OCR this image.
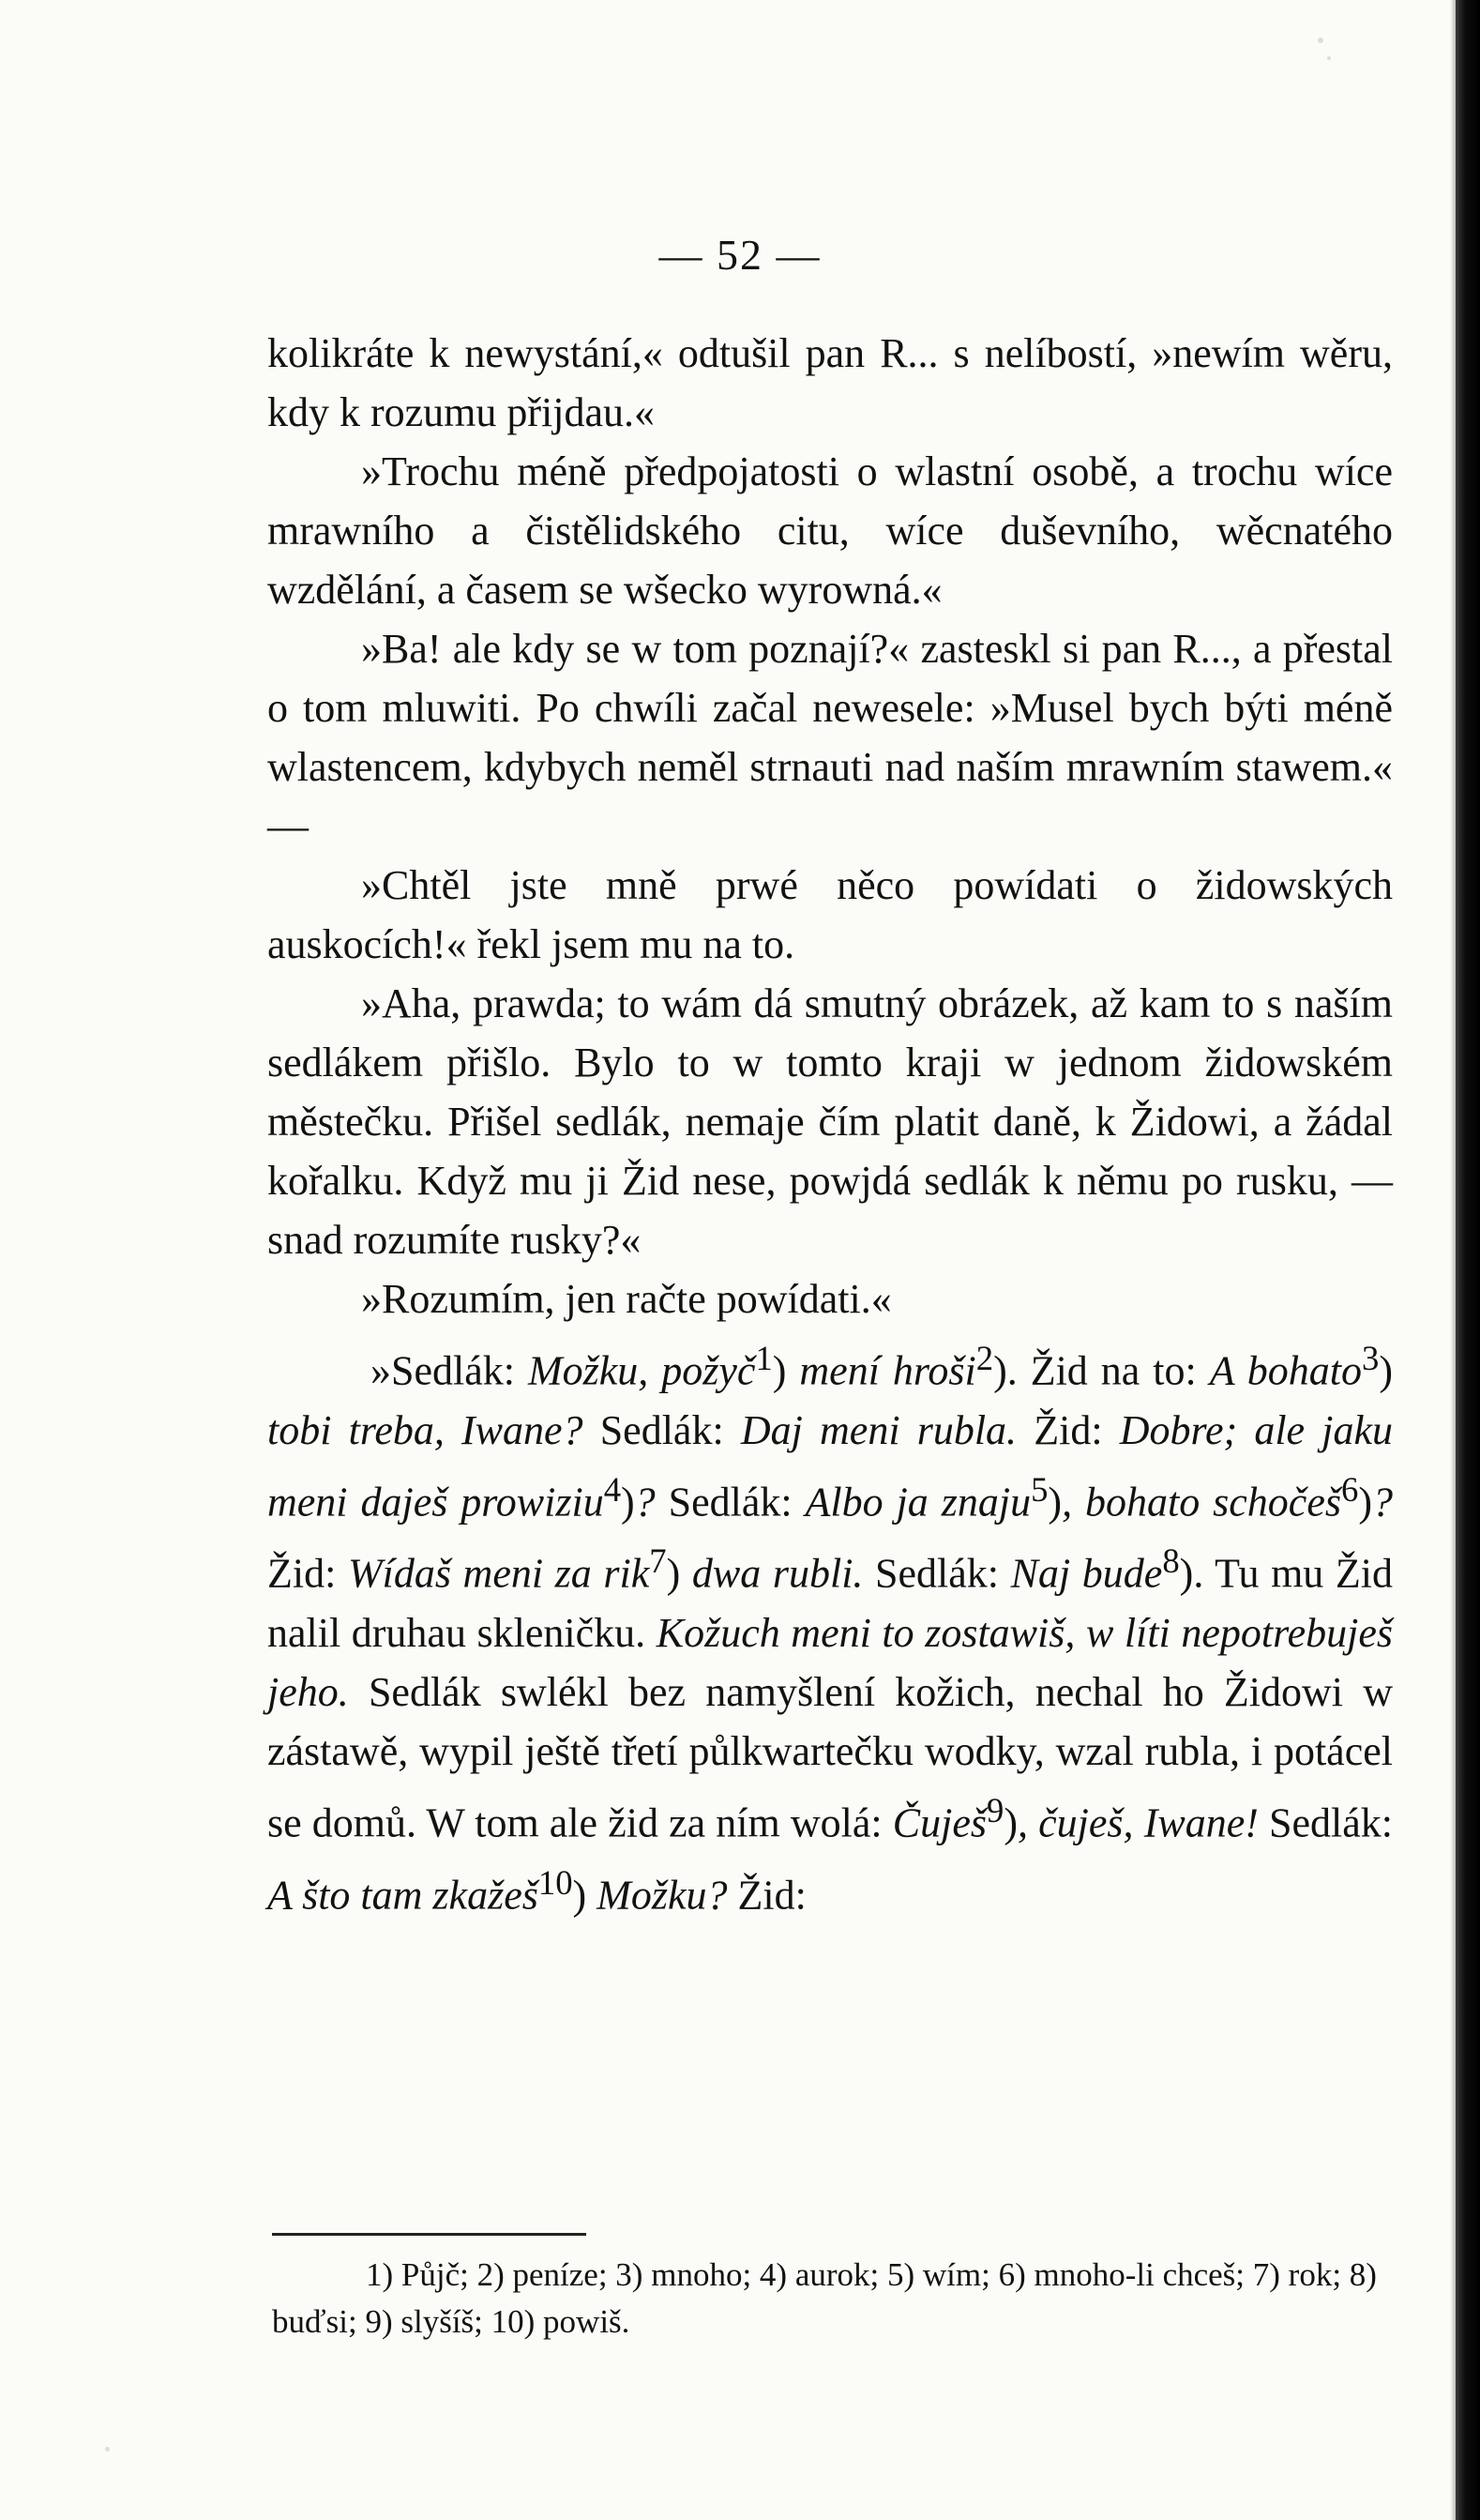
— 52 —

kolikráte k newystání,« odtušil pan R... s nelíbostí, »newím wěru, kdy k rozumu přijdau.«

»Trochu méně předpojatosti o wlastní osobě, a trochu wíce mrawního a čistělidského citu, wíce duševního, wěcnatého wzdělání, a časem se wšecko wyrowná.«

»Ba! ale kdy se w tom poznají?« zasteskl si pan R..., a přestal o tom mluwiti. Po chwíli začal newesele: »Musel bych býti méně wlastencem, kdybych neměl strnauti nad naším mrawním stawem.« —

»Chtěl jste mně prwé něco powídati o židowských auskocích!« řekl jsem mu na to.

»Aha, prawda; to wám dá smutný obrázek, až kam to s naším sedlákem přišlo. Bylo to w tomto kraji w jednom židowském městečku. Přišel sedlák, nemaje čím platit daně, k Židowi, a žádal kořalku. Když mu ji Žid nese, powjdá sedlák k němu po rusku, — snad rozumíte rusky?«

»Rozumím, jen račte powídati.«

»Sedlák: Možku, požyč$^1$) mení hroši$^2$). Žid na to: A bohato$^3$) tobi treba, Iwane? Sedlák: Daj meni rubla. Žid: Dobre; ale jaku meni daješ prowiziu$^4$)? Sedlák: Albo ja znaju$^5$), bohato schočeš$^6$)? Žid: Wídaš meni za rik$^7$) dwa rubli. Sedlák: Naj bude$^8$). Tu mu Žid nalil druhau skleničku. Kožuch meni to zostawiš, w líti nepotrebuješ jeho. Sedlák swlékl bez namyšlení kožich, nechal ho Židowi w zástawě, wypil ještě třetí půlkwartečku wodky, wzal rubla, i potácel se domů. W tom ale žid za ním wolá: Čuješ$^9$), čuješ, Iwane! Sedlák: A što tam zkažeš$^{10}$) Možku? Žid:

1) Půjč; 2) peníze; 3) mnoho; 4) aurok; 5) wím; 6) mnoho-li chceš; 7) rok; 8) buďsi; 9) slyšíš; 10) powiš.
